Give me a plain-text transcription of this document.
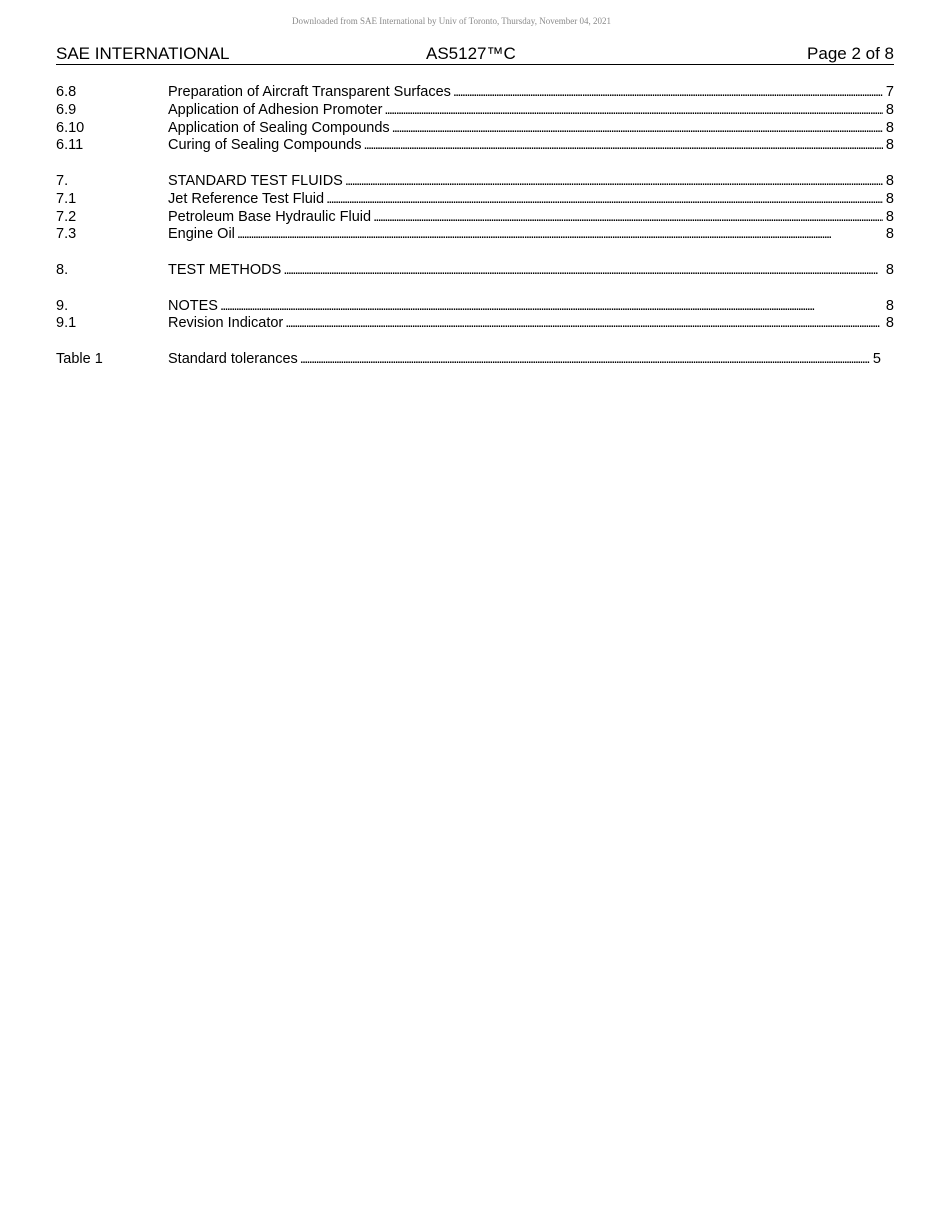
Downloaded from SAE International by Univ of Toronto, Thursday, November 04, 2021
SAE INTERNATIONAL	AS5127™C	Page 2 of 8
6.8	Preparation of Aircraft Transparent Surfaces . . .	7
6.9	Application of Adhesion Promoter . . .	8
6.10	Application of Sealing Compounds . . .	8
6.11	Curing of Sealing Compounds . . .	8
7.	STANDARD TEST FLUIDS . . .	8
7.1	Jet Reference Test Fluid . . .	8
7.2	Petroleum Base Hydraulic Fluid . . .	8
7.3	Engine Oil . . .	8
8.	TEST METHODS . . .	8
9.	NOTES . . .	8
9.1	Revision Indicator . . .	8
Table 1	Standard tolerances . . .	5
